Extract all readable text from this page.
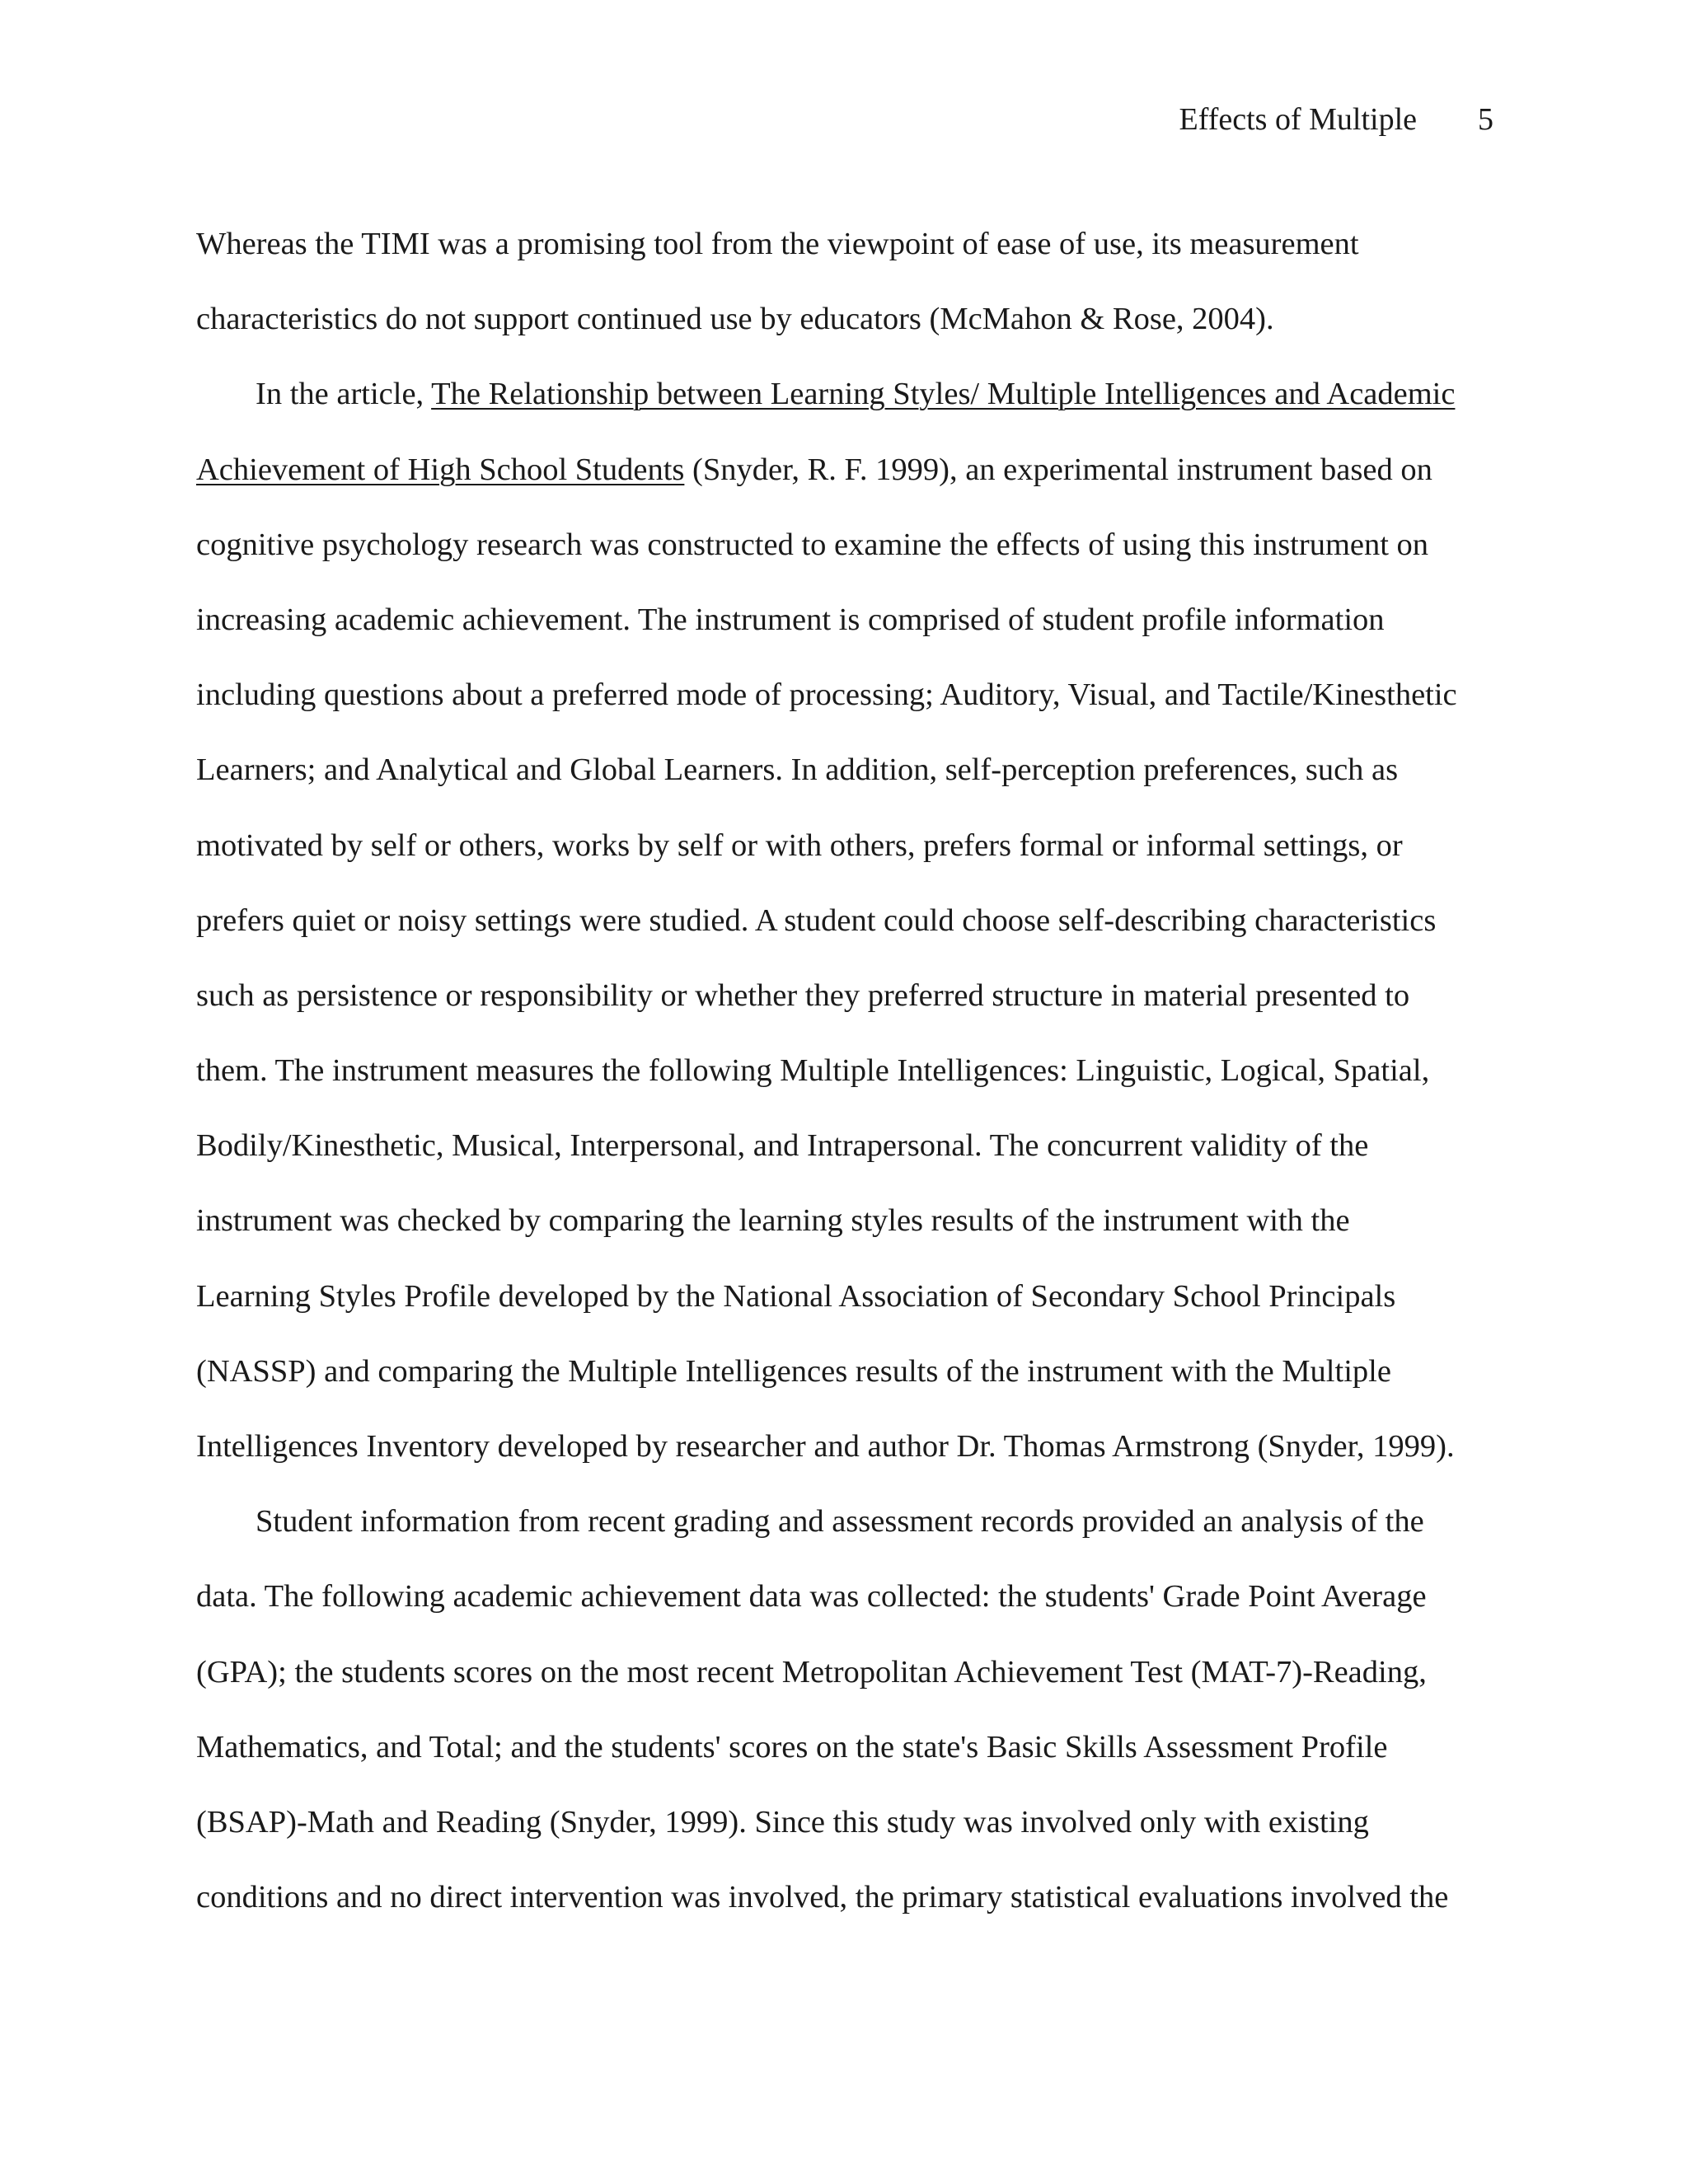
Effects of Multiple 5
Whereas the TIMI was a promising tool from the viewpoint of ease of use, its measurement
characteristics do not support continued use by educators (McMahon & Rose, 2004).
In the article, The Relationship between Learning Styles/ Multiple Intelligences and Academic
Achievement of High School Students (Snyder, R. F. 1999), an experimental instrument based on
cognitive psychology research was constructed to examine the effects of using this instrument on
increasing academic achievement. The instrument is comprised of student profile information
including questions about a preferred mode of processing; Auditory, Visual, and Tactile/Kinesthetic
Learners; and Analytical and Global Learners. In addition, self-perception preferences, such as
motivated by self or others, works by self or with others, prefers formal or informal settings, or
prefers quiet or noisy settings were studied. A student could choose self-describing characteristics
such as persistence or responsibility or whether they preferred structure in material presented to
them. The instrument measures the following Multiple Intelligences: Linguistic, Logical, Spatial,
Bodily/Kinesthetic, Musical, Interpersonal, and Intrapersonal. The concurrent validity of the
instrument was checked by comparing the learning styles results of the instrument with the
Learning Styles Profile developed by the National Association of Secondary School Principals
(NASSP) and comparing the Multiple Intelligences results of the instrument with the Multiple
Intelligences Inventory developed by researcher and author Dr. Thomas Armstrong (Snyder, 1999).
Student information from recent grading and assessment records provided an analysis of the
data. The following academic achievement data was collected: the students' Grade Point Average
(GPA); the students scores on the most recent Metropolitan Achievement Test (MAT-7)-Reading,
Mathematics, and Total; and the students' scores on the state's Basic Skills Assessment Profile
(BSAP)-Math and Reading (Snyder, 1999). Since this study was involved only with existing
conditions and no direct intervention was involved, the primary statistical evaluations involved the
